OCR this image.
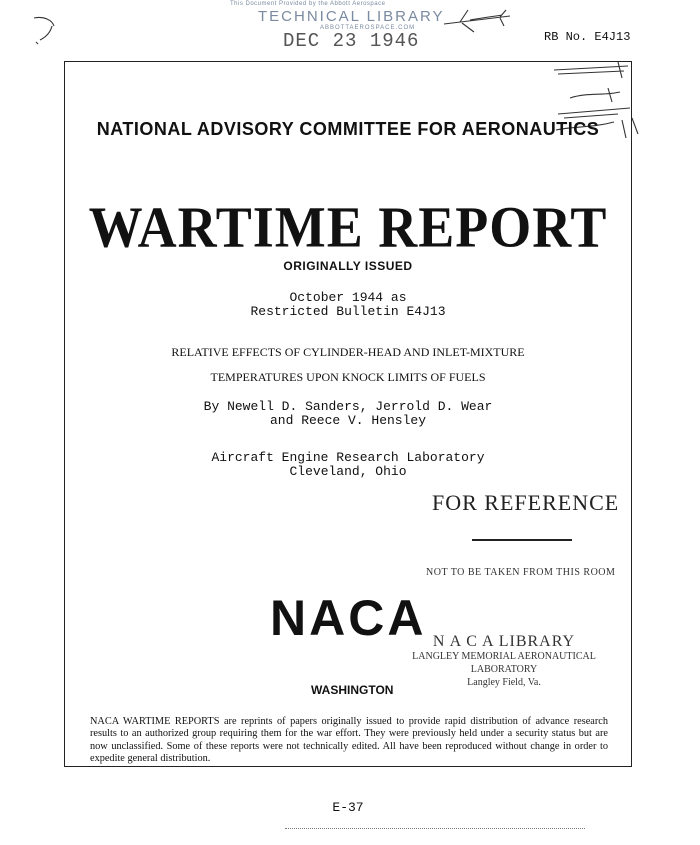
This Document Provided by the Abbott Aerospace
TECHNICAL LIBRARY
ABBOTTAEROSPACE.COM
DEC 23 1946	RB No. E4J13
NATIONAL ADVISORY COMMITTEE FOR AERONAUTICS
WARTIME REPORT
ORIGINALLY ISSUED
October 1944 as
Restricted Bulletin E4J13
RELATIVE EFFECTS OF CYLINDER-HEAD AND INLET-MIXTURE
TEMPERATURES UPON KNOCK LIMITS OF FUELS
By Newell D. Sanders, Jerrold D. Wear
and Reece V. Hensley
Aircraft Engine Research Laboratory
Cleveland, Ohio
FOR REFERENCE
NOT TO BE TAKEN FROM THIS ROOM
NACA N A C A LIBRARY
LANGLEY MEMORIAL AERONAUTICAL
LABORATORY
Langley Field, Va.
WASHINGTON
NACA WARTIME REPORTS are reprints of papers originally issued to provide rapid distribution of advance research results to an authorized group requiring them for the war effort. They were previously held under a security status but are now unclassified. Some of these reports were not technically edited. All have been reproduced without change in order to expedite general distribution.
E-37
